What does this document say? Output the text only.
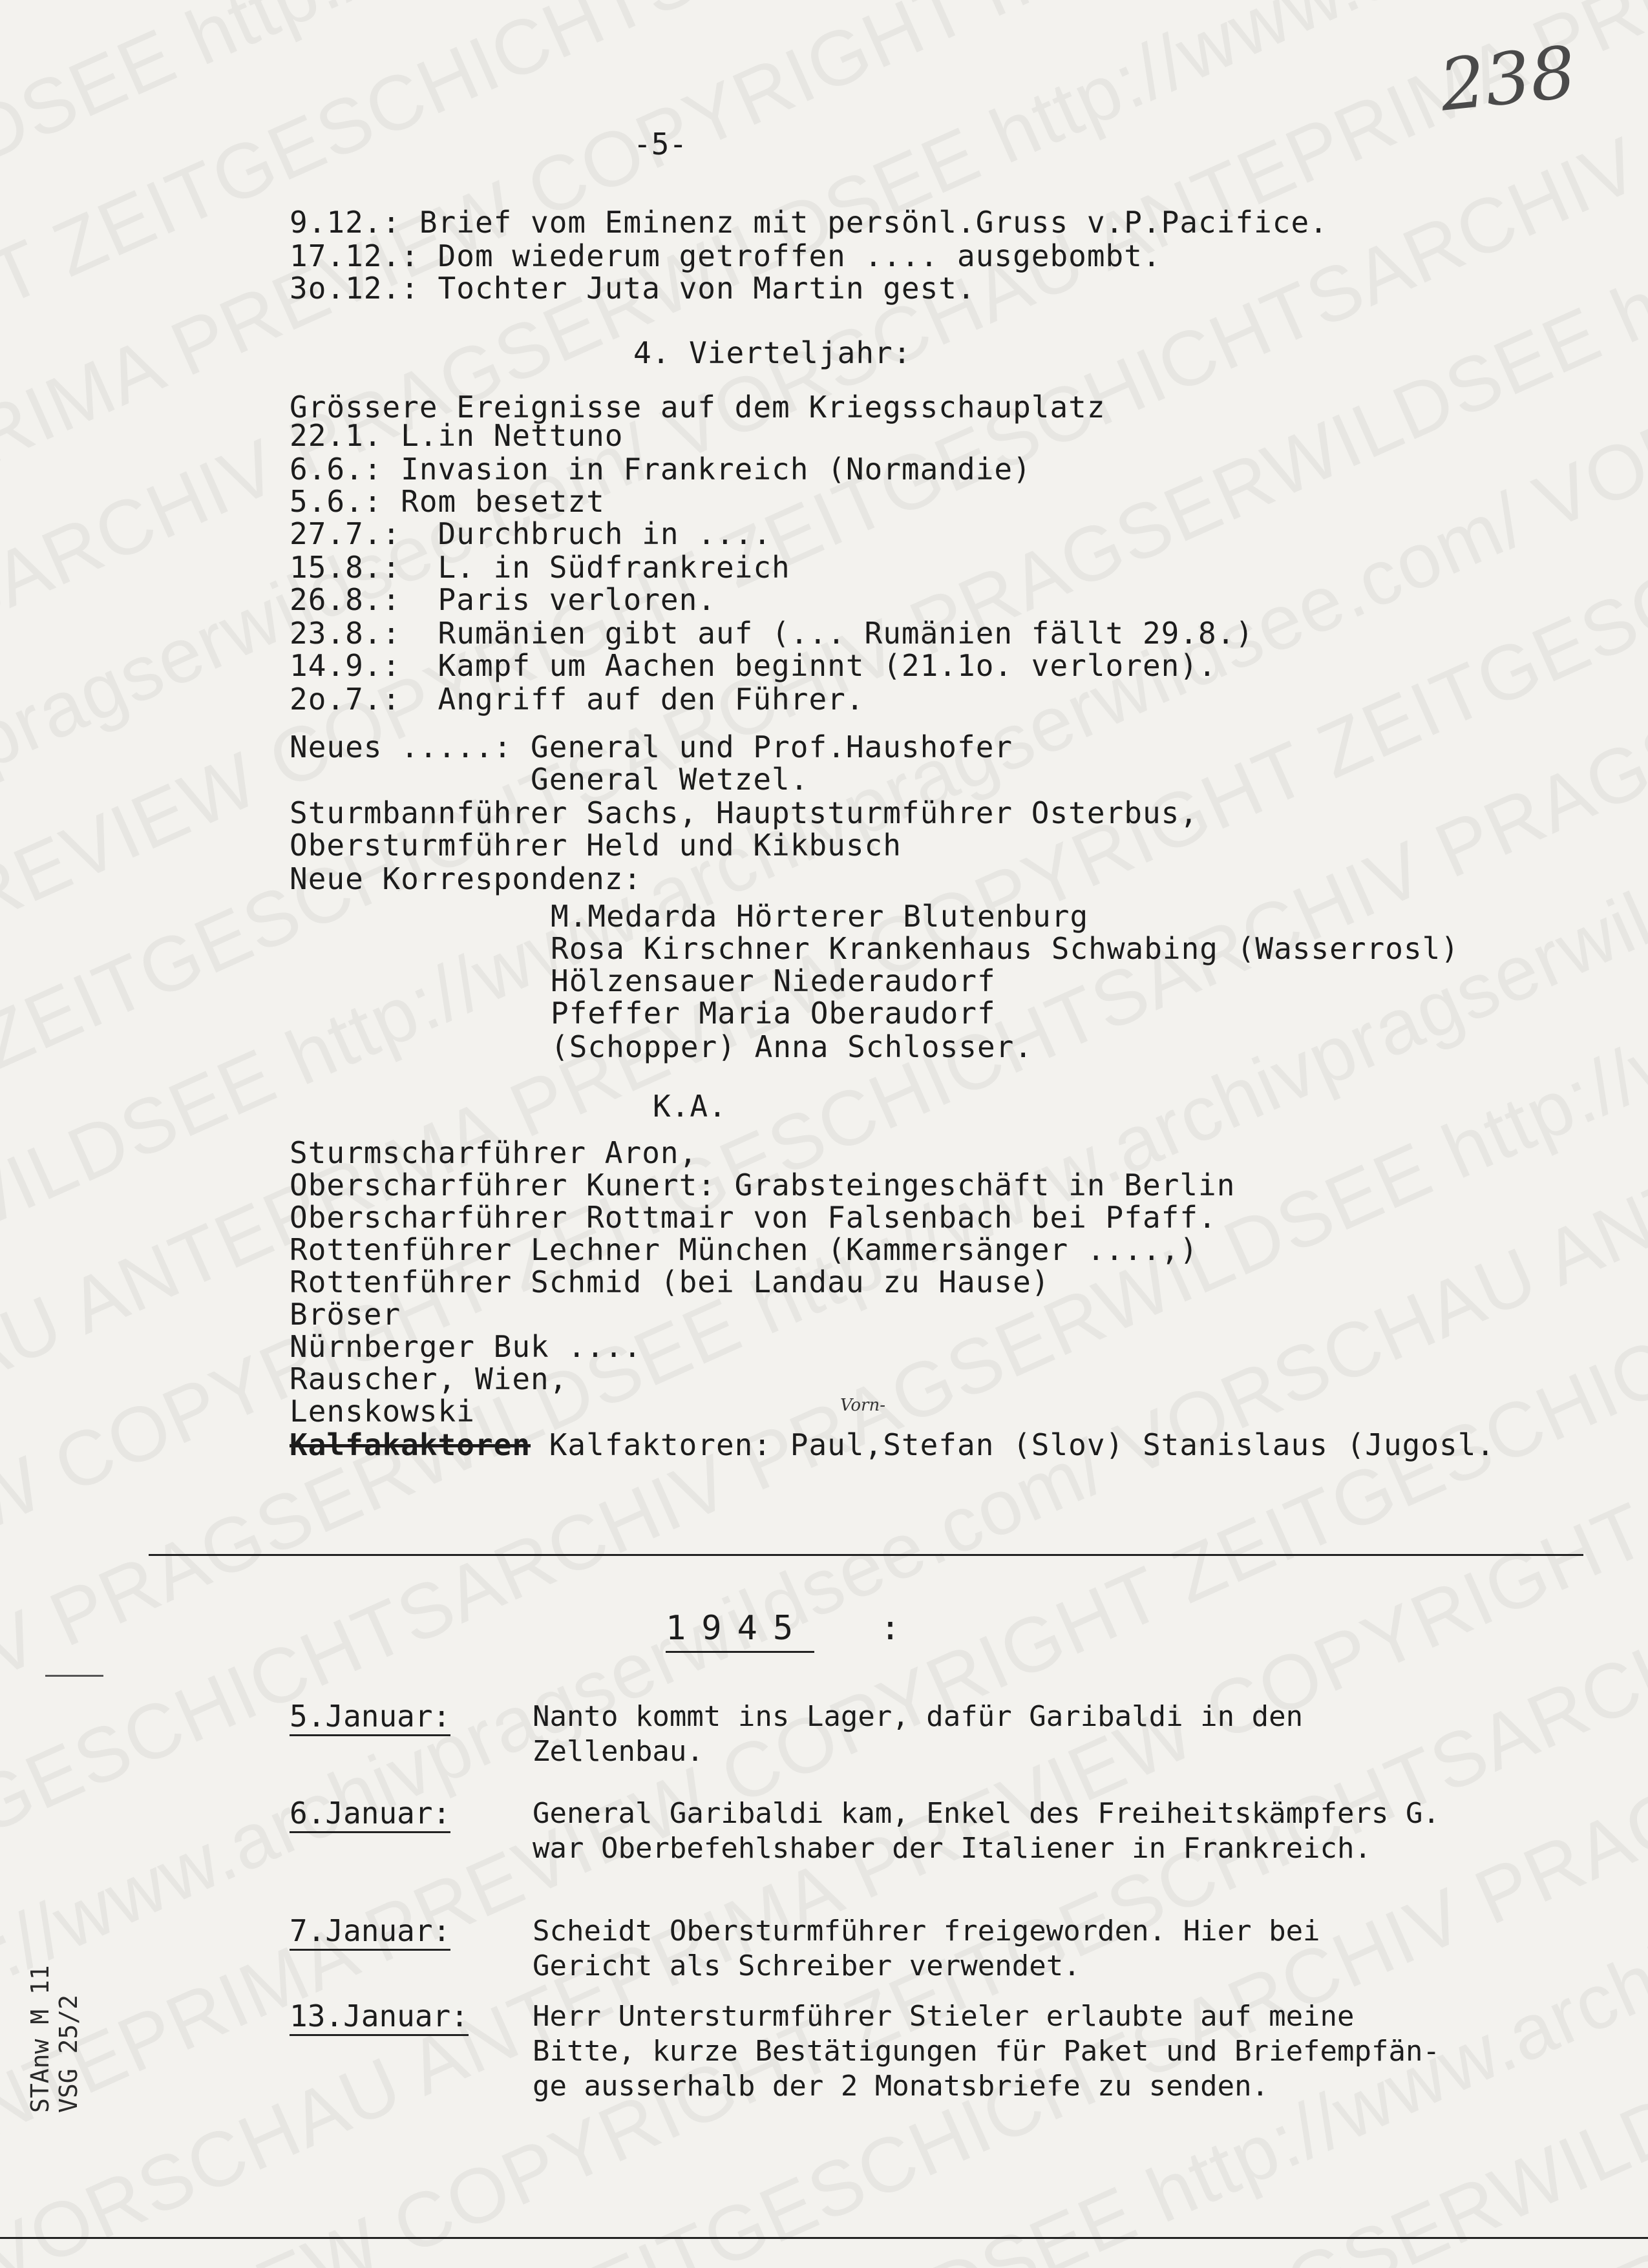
PREVIEW COPYRIGHT ZEITGESCHICHTSARCHIV
ZEITGESCHICHTSARCHIV PRAGSERWILDSEE http://www.archivpragserwildsee.com/
PRAGSERWILDSEE http://www.archivpragserwildsee.com/ VORSCHAU
VORSCHAU ANTEPRIMA PREVIEW COPYRIGHT ZEITGESCHICHTSARCHIV
PREVIEW COPYRIGHT ZEITGESCHICHTSARCHIV PRAGSERWILDSEE
ARCHIV PRAGSERWILDSEE http://www.archivpragserwildsee.com/
ZEITGESCHICHTSARCHIV PRAGSERWILDSEE http://www.archivpragserwildsee.com/
http://www.archivpragserwildsee.com/ VORSCHAU ANTEPRIMA
ANTEPRIMA PREVIEW COPYRIGHT ZEITGESCHICHTSARCHIV
VORSCHAU ANTEPRIMA PREVIEW COPYRIGHT ZEITGESCHICHTSARCHIV
COPYRIGHT ZEITGESCHICHTSARCHIV
ZEITGESCHICHTSARCHIV PRAGSERWILDSEE
http://www.archivpragserwildsee.com/
PRAGSERWILDSEE
VORSCHAU
238
-5-
9.12.: Brief vom Eminenz mit persönl.Gruss v.P.Pacifice.
17.12.: Dom wiederum getroffen .... ausgebombt.
3o.12.: Tochter Juta von Martin gest.
4. Vierteljahr:
Grössere Ereignisse auf dem Kriegsschauplatz
22.1. L.in Nettuno
6.6.: Invasion in Frankreich (Normandie)
5.6.: Rom besetzt
27.7.:  Durchbruch in ....
15.8.:  L. in Südfrankreich
26.8.:  Paris verloren.
23.8.:  Rumänien gibt auf (... Rumänien fällt 29.8.)
14.9.:  Kampf um Aachen beginnt (21.1o. verloren).
2o.7.:  Angriff auf den Führer.
Neues .....: General und Prof.Haushofer
General Wetzel.
Sturmbannführer Sachs, Hauptsturmführer Osterbus,
Obersturmführer Held und Kikbusch
Neue Korrespondenz:
M.Medarda Hörterer Blutenburg
Rosa Kirschner Krankenhaus Schwabing (Wasserrosl)
Hölzensauer Niederaudorf
Pfeffer Maria Oberaudorf
(Schopper) Anna Schlosser.
K.A.
Sturmscharführer Aron,
Oberscharführer Kunert: Grabsteingeschäft in Berlin
Oberscharführer Rottmair von Falsenbach bei Pfaff.
Rottenführer Lechner München (Kammersänger ....,)
Rottenführer Schmid (bei Landau zu Hause)
Bröser
Nürnberger Buk ....
Rauscher, Wien,
Lenskowski	Vorn-
Kalfakaktoren Kalfaktoren: Paul,Stefan (Slov) Stanislaus (Jugosl.
1945  :
5.Januar:	Nanto kommt ins Lager, dafür Garibaldi in den
Zellenbau.
6.Januar:	General Garibaldi kam, Enkel des Freiheitskämpfers G.
war Oberbefehlshaber der Italiener in Frankreich.
7.Januar:	Scheidt Obersturmführer freigeworden. Hier bei
Gericht als Schreiber verwendet.
13.Januar: Herr Untersturmführer Stieler erlaubte auf meine
Bitte, kurze Bestätigungen für Paket und Briefempfän-
ge ausserhalb der 2 Monatsbriefe zu senden.
STAnw M 11
VSG 25/2
